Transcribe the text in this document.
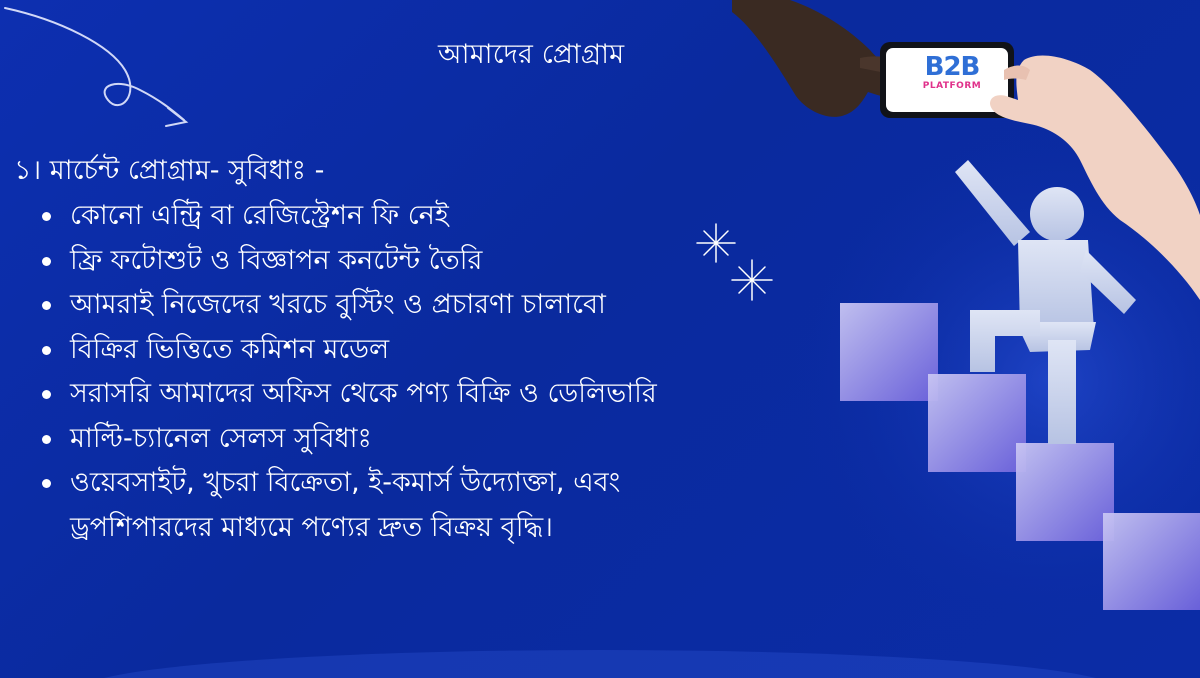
B2B
PLATFORM
আমাদের প্রোগ্রাম
১। মার্চেন্ট প্রোগ্রাম- সুবিধাঃ -
কোনো এন্ট্রি বা রেজিস্ট্রেশন ফি নেই
ফ্রি ফটোশুট ও বিজ্ঞাপন কনটেন্ট তৈরি
আমরাই নিজেদের খরচে বুস্টিং ও প্রচারণা চালাবো
বিক্রির ভিত্তিতে কমিশন মডেল
সরাসরি আমাদের অফিস থেকে পণ্য বিক্রি ও ডেলিভারি
মাল্টি-চ্যানেল সেলস সুবিধাঃ
ওয়েবসাইট, খুচরা বিক্রেতা, ই-কমার্স উদ্যোক্তা, এবং
ড্রপশিপারদের মাধ্যমে পণ্যের দ্রুত বিক্রয় বৃদ্ধি।
